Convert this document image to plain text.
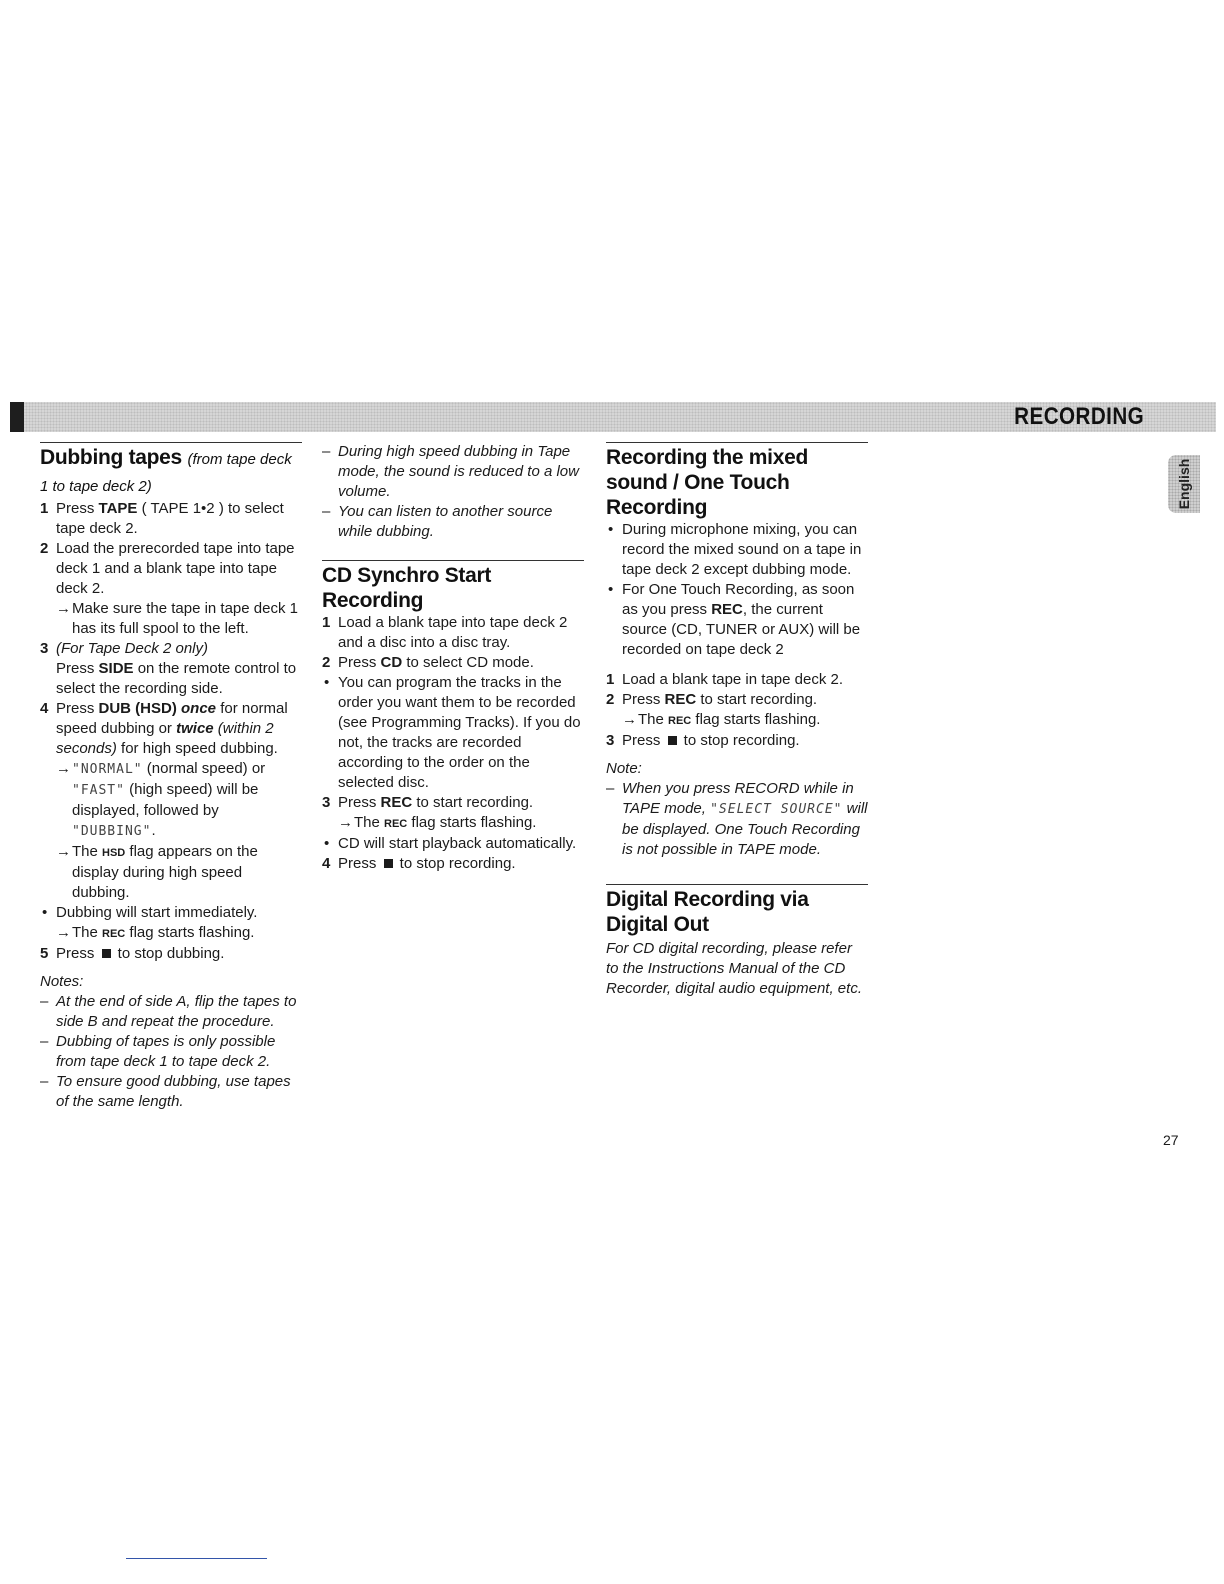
RECORDING
English
Dubbing tapes (from tape deck 1 to tape deck 2)
1 Press TAPE ( TAPE 1•2 ) to select tape deck 2.
2 Load the prerecorded tape into tape deck 1 and a blank tape into tape deck 2.
→ Make sure the tape in tape deck 1 has its full spool to the left.
3 (For Tape Deck 2 only)
Press SIDE on the remote control to select the recording side.
4 Press DUB (HSD) once for normal speed dubbing or twice (within 2 seconds) for high speed dubbing.
→ "NORMAL" (normal speed) or "FAST" (high speed) will be displayed, followed by "DUBBING".
→ The HSD flag appears on the display during high speed dubbing.
• Dubbing will start immediately.
→ The REC flag starts flashing.
5 Press  to stop dubbing.
Notes:
– At the end of side A, flip the tapes to side B and repeat the procedure.
– Dubbing of tapes is only possible from tape deck 1 to tape deck 2.
– To ensure good dubbing, use tapes of the same length.
– During high speed dubbing in Tape mode, the sound is reduced to a low volume.
– You can listen to another source while dubbing.
CD Synchro Start Recording
1 Load a blank tape into tape deck 2 and a disc into a disc tray.
2 Press CD to select CD mode.
• You can program the tracks in the order you want them to be recorded (see Programming Tracks). If you do not, the tracks are recorded according to the order on the selected disc.
3 Press REC to start recording.
→ The REC flag starts flashing.
• CD will start playback automatically.
4 Press  to stop recording.
Recording the mixed sound / One Touch Recording
• During microphone mixing, you can record the mixed sound on a tape in tape deck 2 except dubbing mode.
• For One Touch Recording, as soon as you press REC, the current source (CD, TUNER or AUX) will be recorded on tape deck 2
1 Load a blank tape in tape deck 2.
2 Press REC to start recording.
→ The REC flag starts flashing.
3 Press  to stop recording.
Note:
– When you press RECORD while in TAPE mode, "SELECT SOURCE" will be displayed. One Touch Recording is not possible in TAPE mode.
Digital Recording via Digital Out
For CD digital recording, please refer to the Instructions Manual of the CD Recorder, digital audio equipment, etc.
27
